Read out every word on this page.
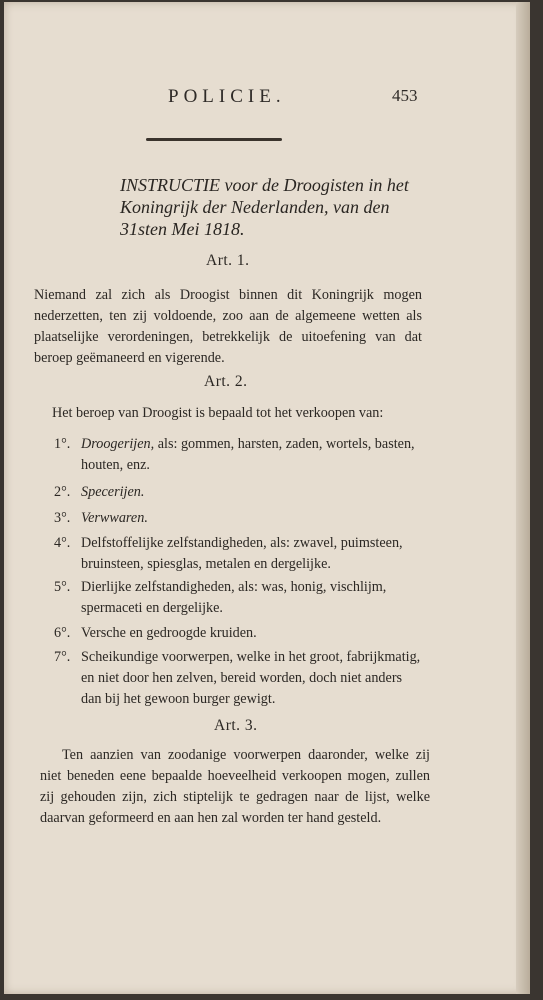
POLICIE.	453
INSTRUCTIE voor de Droogisten in het
Koningrijk der Nederlanden, van den
31sten Mei 1818.
Art. 1.
Niemand zal zich als Droogist binnen dit Koningrijk mogen nederzetten, ten zij voldoende, zoo aan de algemeene wetten als plaatselijke verordeningen, betrekkelijk de uitoefening van dat beroep geëmaneerd en vigerende.
Art. 2.
Het beroep van Droogist is bepaald tot het verkoopen van:
1°. Droogerijen, als: gommen, harsten, zaden, wortels, basten, houten, enz.
2°. Specerijen.
3°. Verwwaren.
4°. Delfstoffelijke zelfstandigheden, als: zwavel, puimsteen, bruinsteen, spiesglas, metalen en dergelijke.
5°. Dierlijke zelfstandigheden, als: was, honig, vischlijm, spermaceti en dergelijke.
6°. Versche en gedroogde kruiden.
7°. Scheikundige voorwerpen, welke in het groot, fabrijkmatig, en niet door hen zelven, bereid worden, doch niet anders dan bij het gewoon burger gewigt.
Art. 3.
Ten aanzien van zoodanige voorwerpen daaronder, welke zij niet beneden eene bepaalde hoeveelheid verkoopen mogen, zullen zij gehouden zijn, zich stiptelijk te gedragen naar de lijst, welke daarvan geformeerd en aan hen zal worden ter hand gesteld.
